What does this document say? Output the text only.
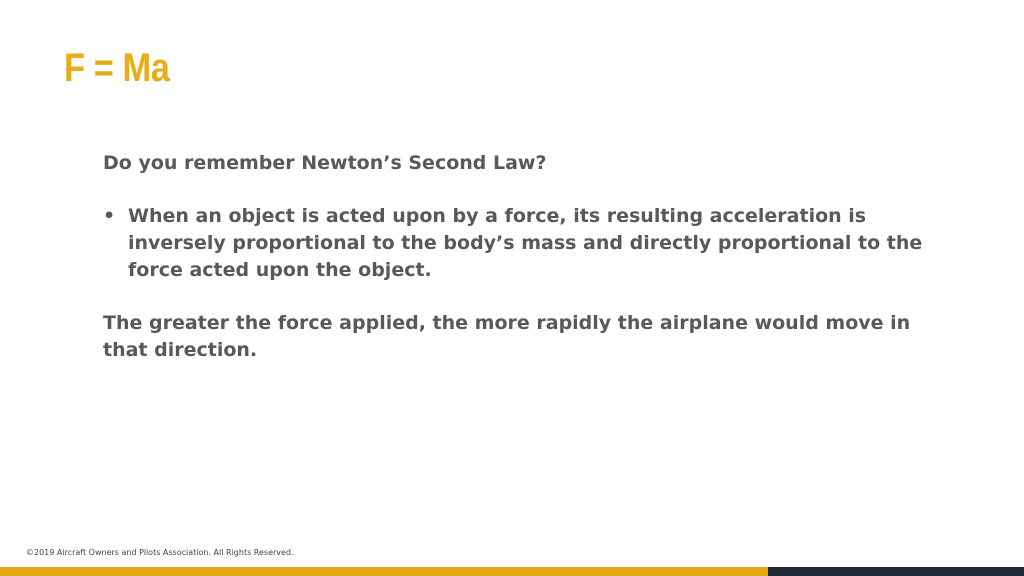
F = Ma

Do you remember Newton’s Second Law?

• When an object is acted upon by a force, its resulting acceleration is inversely proportional to the body’s mass and directly proportional to the force acted upon the object.

The greater the force applied, the more rapidly the airplane would move in that direction.

©2019 Aircraft Owners and Pilots Association. All Rights Reserved.
